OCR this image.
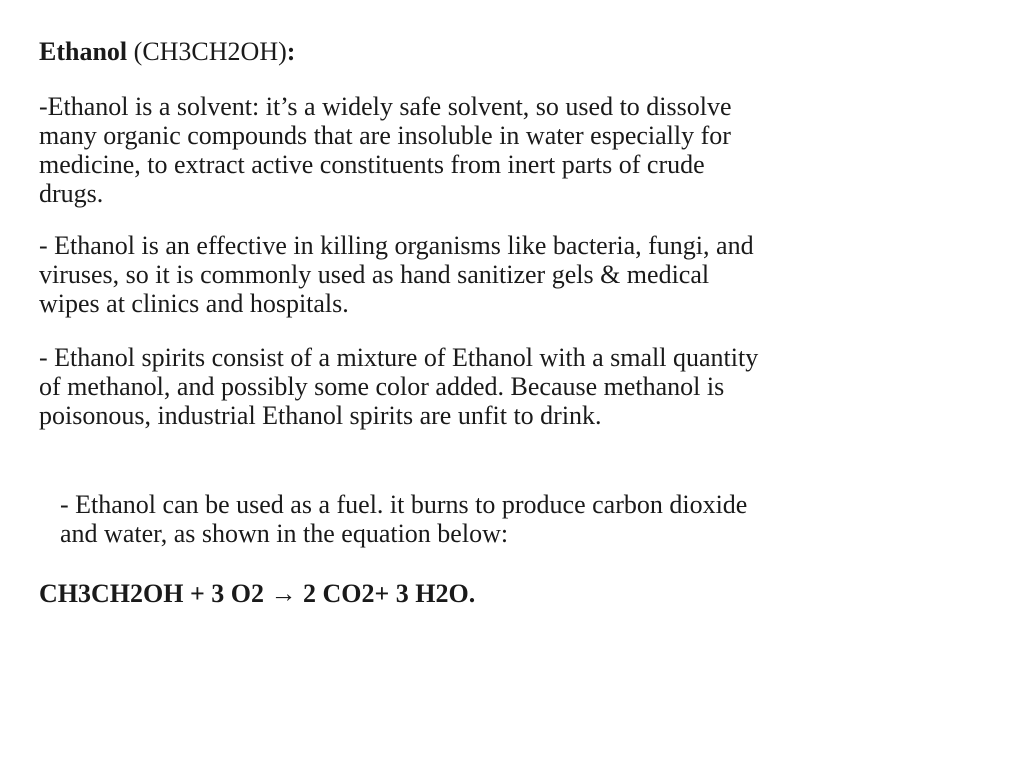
Ethanol (CH3CH2OH):

-Ethanol is a solvent: it’s a widely safe solvent, so used to dissolve
many organic compounds that are insoluble in water especially for
medicine, to extract active constituents from inert parts of crude
drugs.

- Ethanol is an effective in killing organisms like bacteria, fungi, and
viruses, so it is commonly used as hand sanitizer gels & medical
wipes at clinics and hospitals.

- Ethanol spirits consist of a mixture of Ethanol with a small quantity
of methanol, and possibly some color added. Because methanol is
poisonous, industrial Ethanol spirits are unfit to drink.

- Ethanol can be used as a fuel. it burns to produce carbon dioxide
and water, as shown in the equation below:

CH3CH2OH + 3 O2 → 2 CO2+ 3 H2O.
